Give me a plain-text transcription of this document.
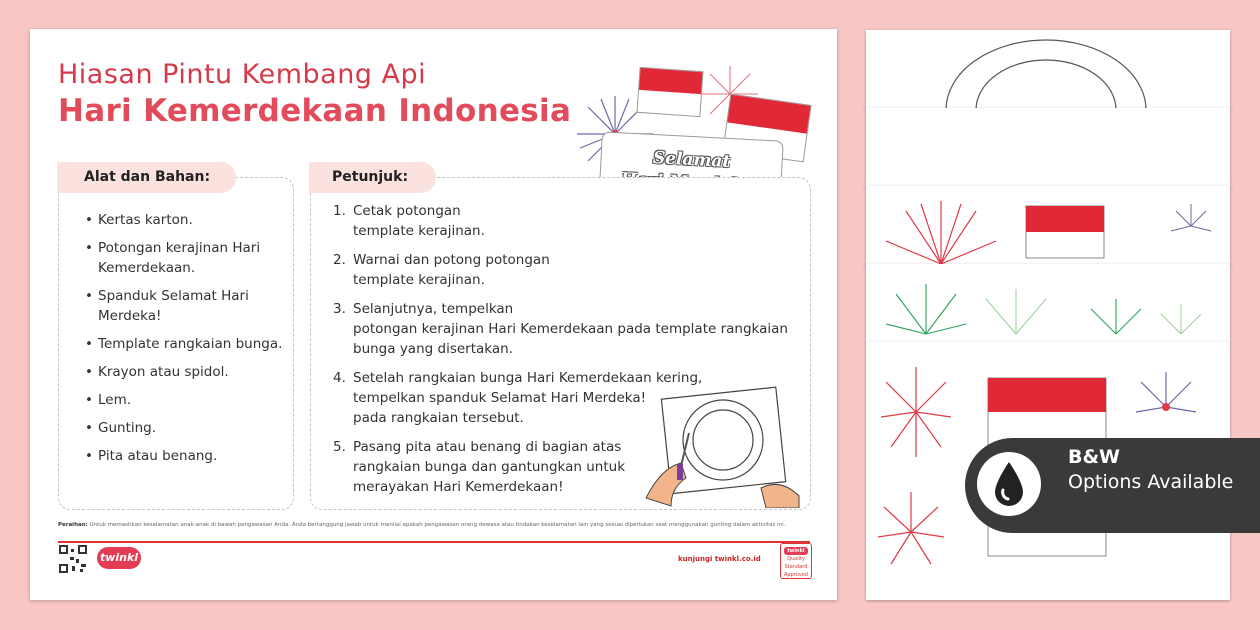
Hiasan Pintu Kembang Api
Hari Kemerdekaan Indonesia
Selamat
Alat dan Bahan:
• Kertas karton.
• Potongan kerajinan Hari Kemerdekaan.
• Spanduk Selamat Hari Merdeka!
• Template rangkaian bunga.
• Krayon atau spidol.
• Lem.
• Gunting.
• Pita atau benang.
Petunjuk:
1. Cetak potongan
template kerajinan.
2. Warnai dan potong potongan
template kerajinan.
3. Selanjutnya, tempelkan
potongan kerajinan Hari Kemerdekaan pada template rangkaian
bunga yang disertakan.
4. Setelah rangkaian bunga Hari Kemerdekaan kering,
tempelkan spanduk Selamat Hari Merdeka!
pada rangkaian tersebut.
5. Pasang pita atau benang di bagian atas
rangkaian bunga dan gantungkan untuk
merayakan Hari Kemerdekaan!
Peraihan: Untuk memastikan keselamatan anak-anak di bawah pengawasan Anda, Anda bertanggung jawab untuk menilai apakah pengawasan orang dewasa atau tindakan keselamatan lain yang sesuai diperlukan saat menggunakan gunting dalam aktivitas ini.
twinkl	kunjungi twinkl.co.id
twinkl
Quality Standard Approved
B&W
Options Available
